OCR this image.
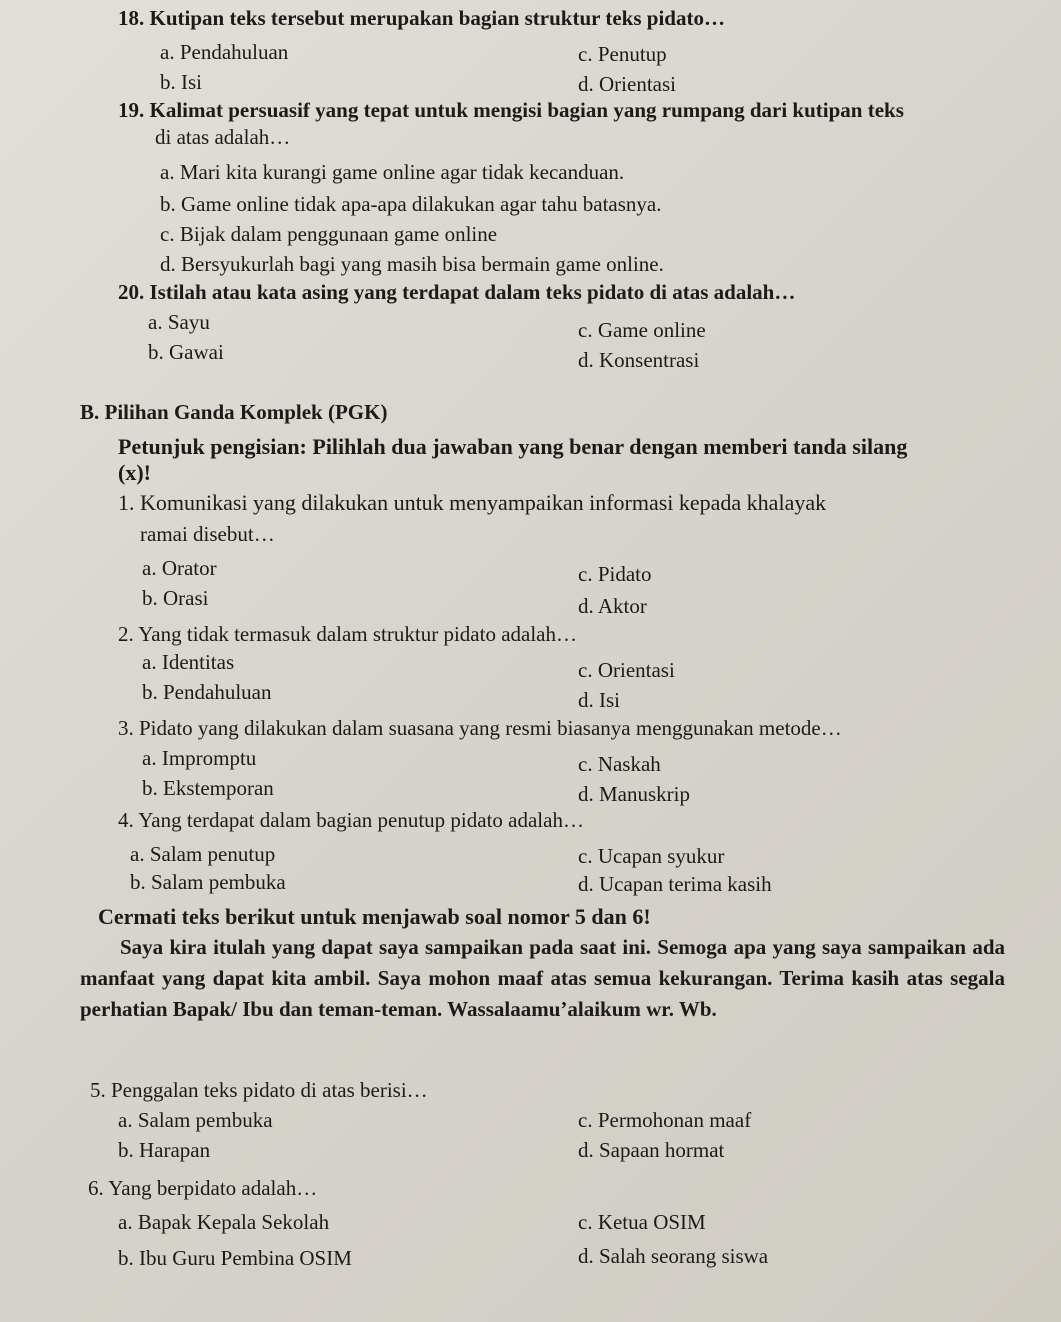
18. Kutipan teks tersebut merupakan bagian struktur teks pidato…
a. Pendahuluan	c. Penutup
b. Isi	d. Orientasi
19. Kalimat persuasif yang tepat untuk mengisi bagian yang rumpang dari kutipan teks
di atas adalah…
a. Mari kita kurangi game online agar tidak kecanduan.
b. Game online tidak apa-apa dilakukan agar tahu batasnya.
c. Bijak dalam penggunaan game online
d. Bersyukurlah bagi yang masih bisa bermain game online.
20. Istilah atau kata asing yang terdapat dalam teks pidato di atas adalah…
a. Sayu	c. Game online
b. Gawai	d. Konsentrasi
B. Pilihan Ganda Komplek (PGK)
Petunjuk pengisian: Pilihlah dua jawaban yang benar dengan memberi tanda silang
(x)!
1. Komunikasi yang dilakukan untuk menyampaikan informasi kepada khalayak
ramai disebut…
a. Orator	c. Pidato
b. Orasi	d. Aktor
2. Yang tidak termasuk dalam struktur pidato adalah…
a. Identitas	c. Orientasi
b. Pendahuluan	d. Isi
3. Pidato yang dilakukan dalam suasana yang resmi biasanya menggunakan metode…
a. Impromptu	c. Naskah
b. Ekstemporan	d. Manuskrip
4. Yang terdapat dalam bagian penutup pidato adalah…
a. Salam penutup	c. Ucapan syukur
b. Salam pembuka	d. Ucapan terima kasih
Cermati teks berikut untuk menjawab soal nomor 5 dan 6!
Saya kira itulah yang dapat saya sampaikan pada saat ini. Semoga apa yang saya sampaikan ada manfaat yang dapat kita ambil. Saya mohon maaf atas semua kekurangan. Terima kasih atas segala perhatian Bapak/ Ibu dan teman-teman. Wassalaamu’alaikum wr. Wb.
5. Penggalan teks pidato di atas berisi…
a. Salam pembuka	c. Permohonan maaf
b. Harapan	d. Sapaan hormat
6. Yang berpidato adalah…
a. Bapak Kepala Sekolah	c. Ketua OSIM
b. Ibu Guru Pembina OSIM	d. Salah seorang siswa
